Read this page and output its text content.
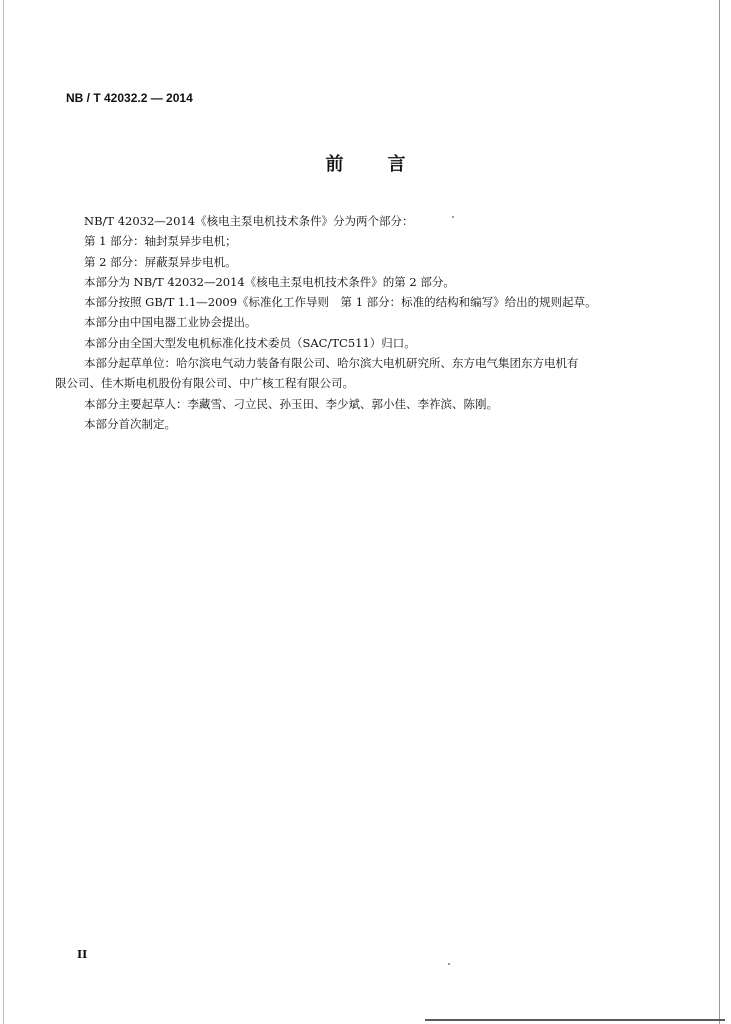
NB / T 42032.2 — 2014
前 言

NB/T 42032—2014《核电主泵电机技术条件》分为两个部分：

第 1 部分：轴封泵异步电机；

第 2 部分：屏蔽泵异步电机。

本部分为 NB/T 42032—2014《核电主泵电机技术条件》的第 2 部分。

本部分按照 GB/T 1.1—2009《标准化工作导则　第 1 部分：标准的结构和编写》给出的规则起草。

本部分由中国电器工业协会提出。

本部分由全国大型发电机标准化技术委员（SAC/TC511）归口。

本部分起草单位：哈尔滨电气动力装备有限公司、哈尔滨大电机研究所、东方电气集团东方电机有

限公司、佳木斯电机股份有限公司、中广核工程有限公司。

本部分主要起草人：李藏雪、刁立民、孙玉田、李少斌、郭小佳、李祚滨、陈刚。

本部分首次制定。

II
